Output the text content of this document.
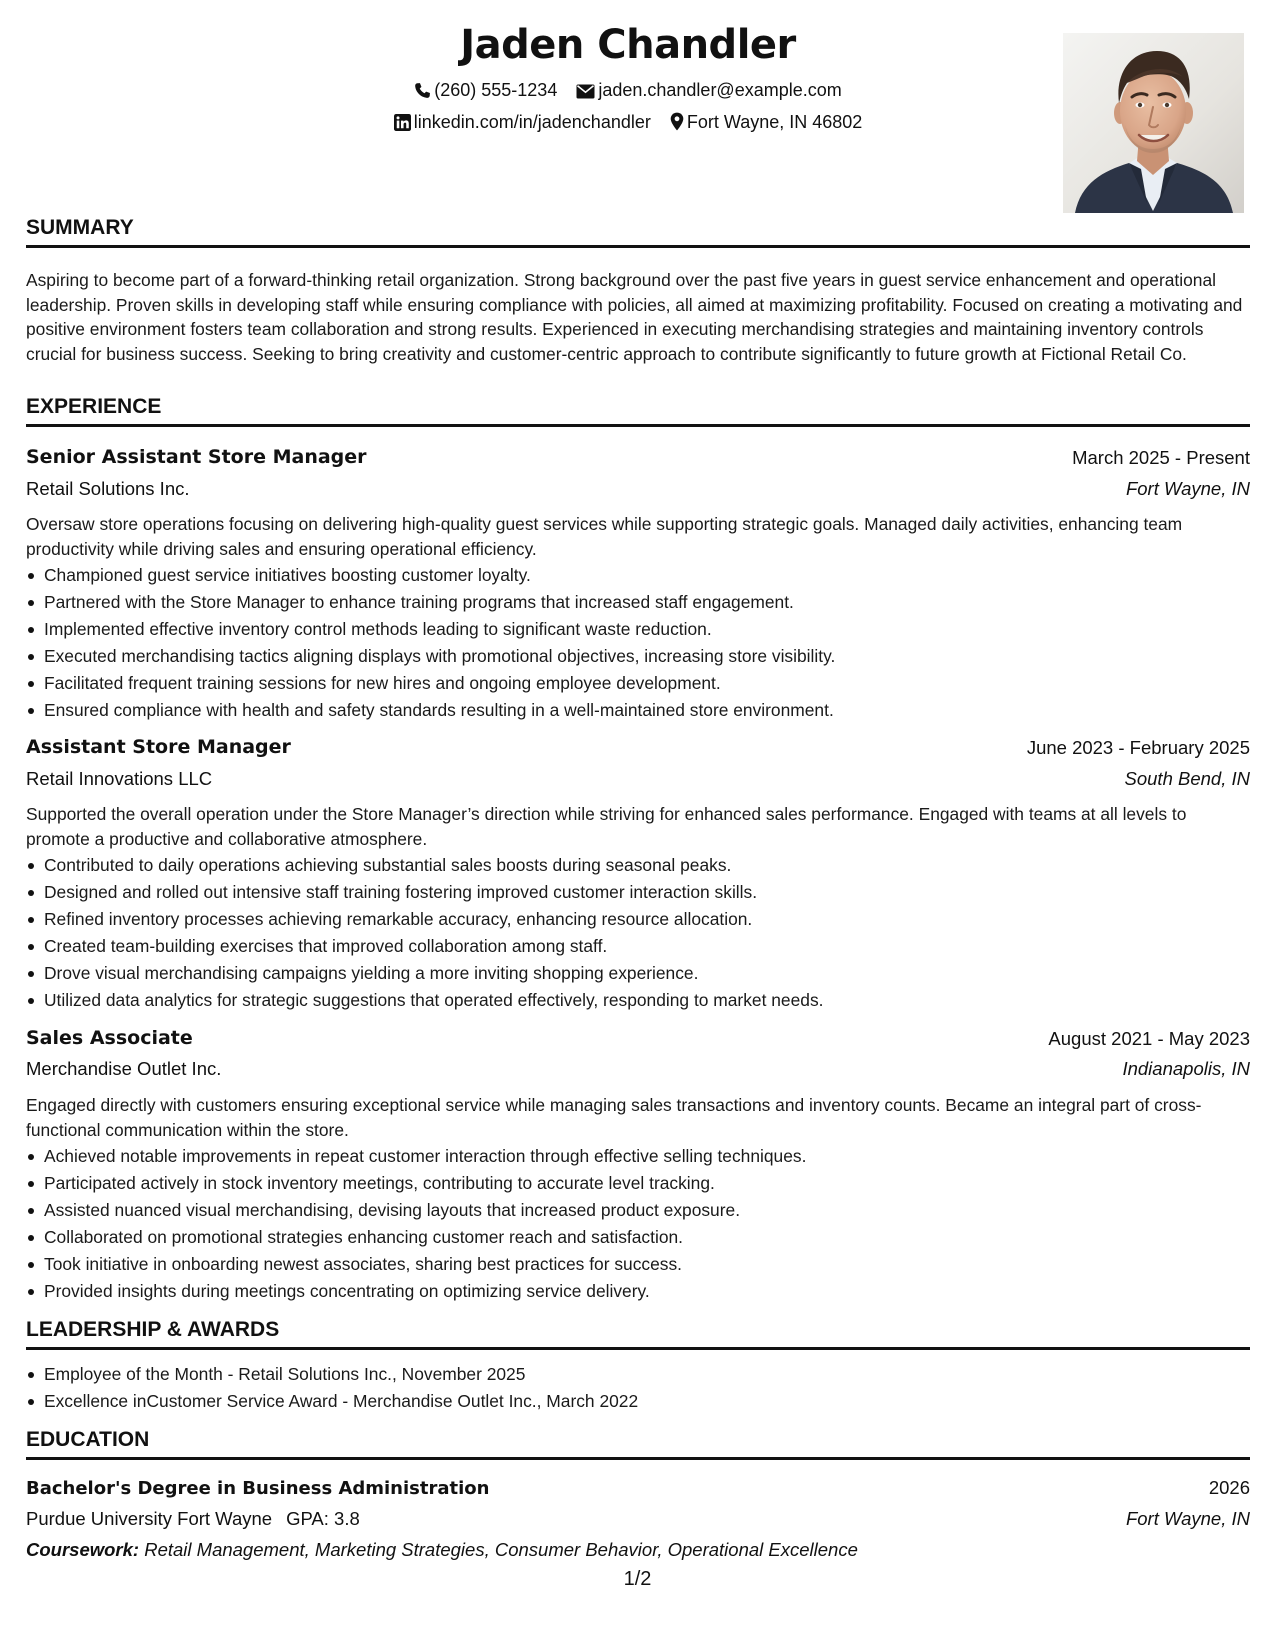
Jaden Chandler
(260) 555-1234 jaden.chandler@example.com
linkedin.com/in/jadenchandler Fort Wayne, IN 46802
SUMMARY
Aspiring to become part of a forward-thinking retail organization. Strong background over the past five years in guest service enhancement and operational leadership. Proven skills in developing staff while ensuring compliance with policies, all aimed at maximizing profitability. Focused on creating a motivating and positive environment fosters team collaboration and strong results. Experienced in executing merchandising strategies and maintaining inventory controls crucial for business success. Seeking to bring creativity and customer-centric approach to contribute significantly to future growth at Fictional Retail Co.
EXPERIENCE
Senior Assistant Store Manager	March 2025 - Present
Retail Solutions Inc.	Fort Wayne, IN
Oversaw store operations focusing on delivering high-quality guest services while supporting strategic goals. Managed daily activities, enhancing team productivity while driving sales and ensuring operational efficiency.
Championed guest service initiatives boosting customer loyalty.
Partnered with the Store Manager to enhance training programs that increased staff engagement.
Implemented effective inventory control methods leading to significant waste reduction.
Executed merchandising tactics aligning displays with promotional objectives, increasing store visibility.
Facilitated frequent training sessions for new hires and ongoing employee development.
Ensured compliance with health and safety standards resulting in a well-maintained store environment.
Assistant Store Manager	June 2023 - February 2025
Retail Innovations LLC	South Bend, IN
Supported the overall operation under the Store Manager’s direction while striving for enhanced sales performance. Engaged with teams at all levels to promote a productive and collaborative atmosphere.
Contributed to daily operations achieving substantial sales boosts during seasonal peaks.
Designed and rolled out intensive staff training fostering improved customer interaction skills.
Refined inventory processes achieving remarkable accuracy, enhancing resource allocation.
Created team-building exercises that improved collaboration among staff.
Drove visual merchandising campaigns yielding a more inviting shopping experience.
Utilized data analytics for strategic suggestions that operated effectively, responding to market needs.
Sales Associate	August 2021 - May 2023
Merchandise Outlet Inc.	Indianapolis, IN
Engaged directly with customers ensuring exceptional service while managing sales transactions and inventory counts. Became an integral part of cross-functional communication within the store.
Achieved notable improvements in repeat customer interaction through effective selling techniques.
Participated actively in stock inventory meetings, contributing to accurate level tracking.
Assisted nuanced visual merchandising, devising layouts that increased product exposure.
Collaborated on promotional strategies enhancing customer reach and satisfaction.
Took initiative in onboarding newest associates, sharing best practices for success.
Provided insights during meetings concentrating on optimizing service delivery.
LEADERSHIP & AWARDS
Employee of the Month - Retail Solutions Inc., November 2025
Excellence inCustomer Service Award - Merchandise Outlet Inc., March 2022
EDUCATION
Bachelor's Degree in Business Administration	2026
Purdue University Fort Wayne GPA: 3.8	Fort Wayne, IN
Coursework: Retail Management, Marketing Strategies, Consumer Behavior, Operational Excellence
1/2
